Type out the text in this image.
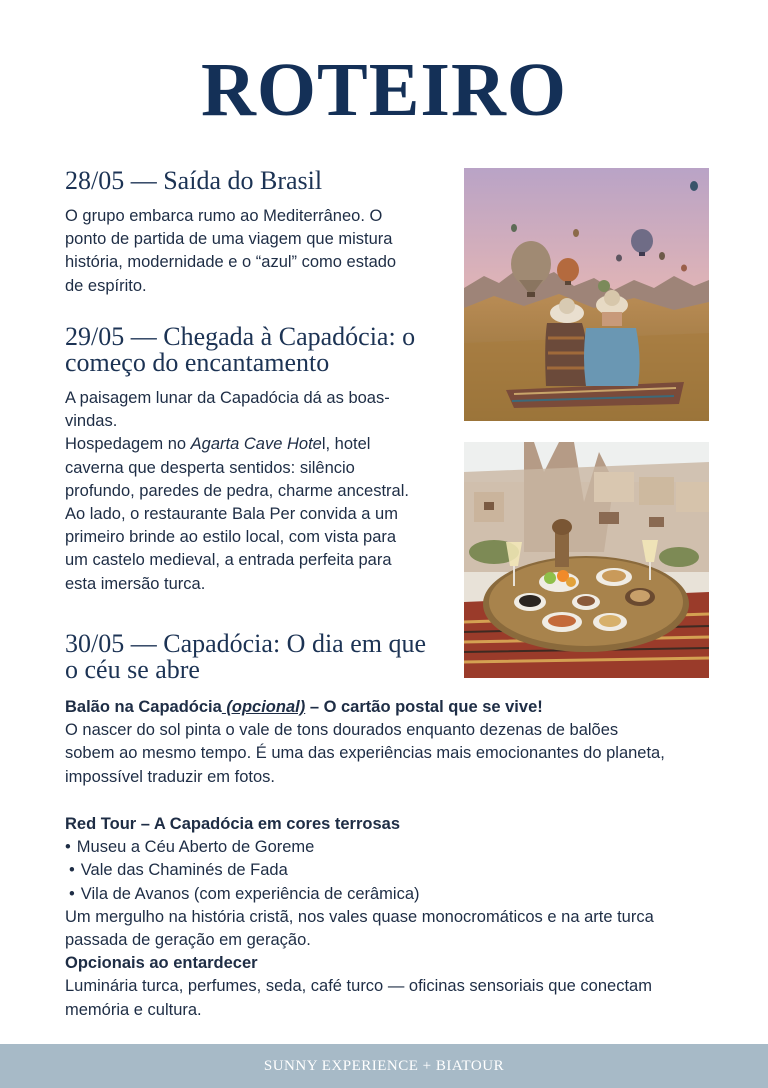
ROTEIRO
28/05 — Saída do Brasil

O grupo embarca rumo ao Mediterrâneo. O
ponto de partida de uma viagem que mistura
história, modernidade e o “azul” como estado
de espírito.

29/05 — Chegada à Capadócia: o
começo do encantamento

A paisagem lunar da Capadócia dá as boas-
vindas.
Hospedagem no Agarta Cave Hotel, hotel
caverna que desperta sentidos: silêncio
profundo, paredes de pedra, charme ancestral.
Ao lado, o restaurante Bala Per convida a um
primeiro brinde ao estilo local, com vista para
um castelo medieval, a entrada perfeita para
esta imersão turca.

30/05 — Capadócia: O dia em que
o céu se abre

Balão na Capadócia (opcional) – O cartão postal que se vive!
O nascer do sol pinta o vale de tons dourados enquanto dezenas de balões
sobem ao mesmo tempo. É uma das experiências mais emocionantes do planeta,
impossível traduzir em fotos.

Red Tour – A Capadócia em cores terrosas
• Museu a Céu Aberto de Goreme
• Vale das Chaminés de Fada
• Vila de Avanos (com experiência de cerâmica)
Um mergulho na história cristã, nos vales quase monocromáticos e na arte turca
passada de geração em geração.
Opcionais ao entardecer
Luminária turca, perfumes, seda, café turco — oficinas sensoriais que conectam
memória e cultura.

SUNNY EXPERIENCE + BIATOUR
